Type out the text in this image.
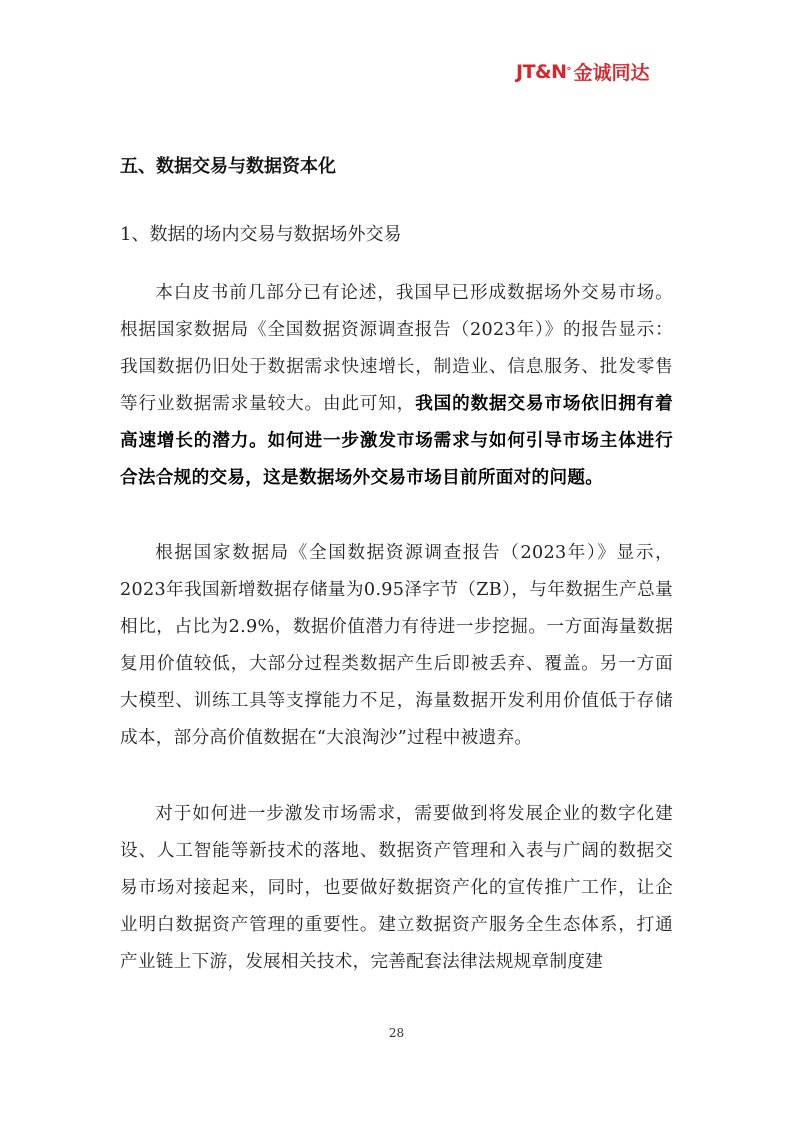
JT&N ° 金诚同达
五、数据交易与数据资本化
1、数据的场内交易与数据场外交易

本白皮书前几部分已有论述，我国早已形成数据场外交易市场。根据国家数据局《全国数据资源调查报告（2023年）》的报告显示：我国数据仍旧处于数据需求快速增长，制造业、信息服务、批发零售等行业数据需求量较大。由此可知，我国的数据交易市场依旧拥有着高速增长的潜力。如何进一步激发市场需求与如何引导市场主体进行合法合规的交易，这是数据场外交易市场目前所面对的问题。

根据国家数据局《全国数据资源调查报告（2023年）》显示，2023年我国新增数据存储量为0.95泽字节（ZB），与年数据生产总量相比，占比为2.9%，数据价值潜力有待进一步挖掘。一方面海量数据复用价值较低，大部分过程类数据产生后即被丢弃、覆盖。另一方面大模型、训练工具等支撑能力不足，海量数据开发利用价值低于存储成本，部分高价值数据在“大浪淘沙”过程中被遗弃。

对于如何进一步激发市场需求，需要做到将发展企业的数字化建设、人工智能等新技术的落地、数据资产管理和入表与广阔的数据交易市场对接起来，同时，也要做好数据资产化的宣传推广工作，让企业明白数据资产管理的重要性。建立数据资产服务全生态体系，打通产业链上下游，发展相关技术，完善配套法律法规规章制度建

28
